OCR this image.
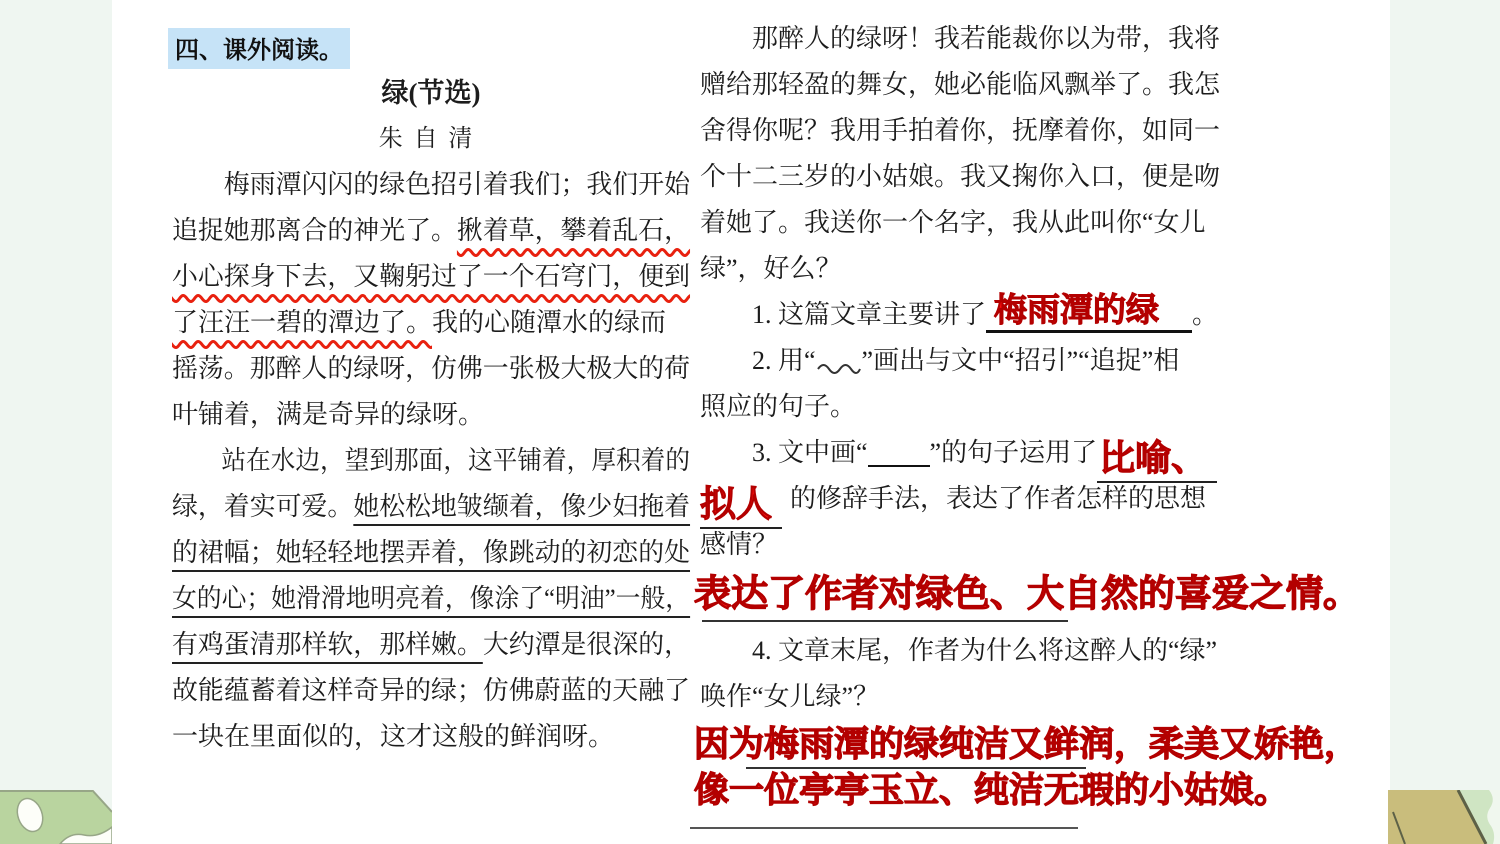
四、课外阅读。
绿(节选)
朱自清
梅雨潭闪闪的绿色招引着我们；我们开始
追捉她那离合的神光了。揪着草，攀着乱石，
小心探身下去，又鞠躬过了一个石穹门，便到
了汪汪一碧的潭边了。我的心随潭水的绿而
摇荡。那醉人的绿呀，仿佛一张极大极大的荷
叶铺着，满是奇异的绿呀。
站在水边，望到那面，这平铺着，厚积着的
绿，着实可爱。她松松地皱缬着，像少妇拖着
的裙幅；她轻轻地摆弄着，像跳动的初恋的处
女的心；她滑滑地明亮着，像涂了“明油”一般，
有鸡蛋清那样软，那样嫩。大约潭是很深的，
故能蕴蓄着这样奇异的绿；仿佛蔚蓝的天融了
一块在里面似的，这才这般的鲜润呀。
那醉人的绿呀！我若能裁你以为带，我将
赠给那轻盈的舞女，她必能临风飘举了。我怎
舍得你呢？我用手拍着你，抚摩着你，如同一
个十二三岁的小姑娘。我又掬你入口，便是吻
着她了。我送你一个名字，我从此叫你“女儿
绿”，好么？
1. 这篇文章主要讲了 梅雨潭的绿 。
2. 用“ ”画出与文中“招引”“追捉”相
照应的句子。
3. 文中画“ ”的句子运用了比喻、
拟人 的修辞手法，表达了作者怎样的思想
感情？
表达了作者对绿色、大自然的喜爱之情。
4. 文章末尾，作者为什么将这醉人的“绿”
唤作“女儿绿”？
因为梅雨潭的绿纯洁又鲜润，柔美又娇艳，
像一位亭亭玉立、纯洁无瑕的小姑娘。
